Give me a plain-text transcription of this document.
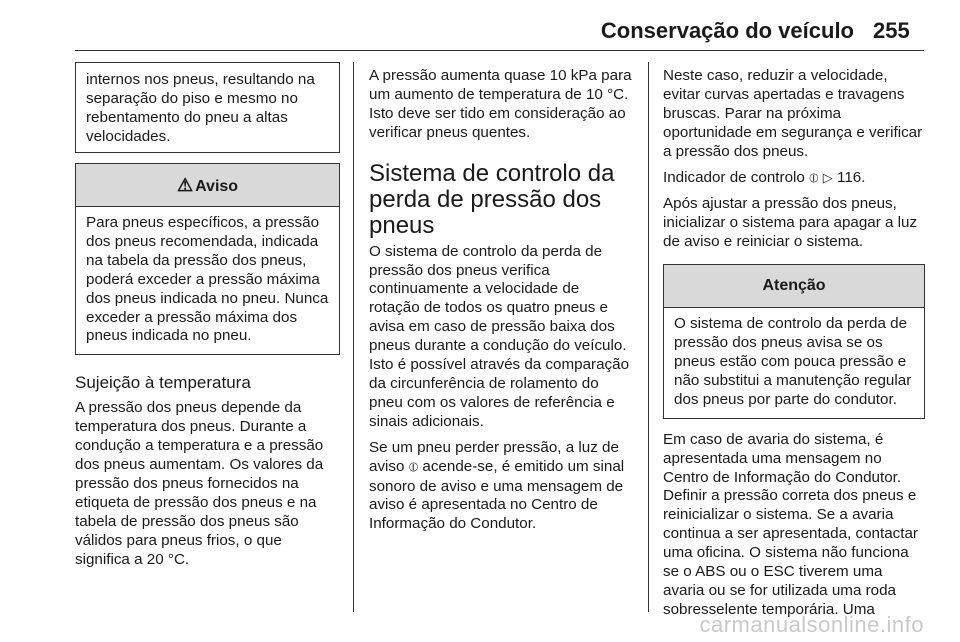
Conservação do veículo 255

internos nos pneus, resultando na separação do piso e mesmo no rebentamento do pneu a altas velocidades.

⚠ Aviso

Para pneus específicos, a pressão dos pneus recomendada, indicada na tabela da pressão dos pneus, poderá exceder a pressão máxima dos pneus indicada no pneu. Nunca exceder a pressão máxima dos pneus indicada no pneu.

Sujeição à temperatura

A pressão dos pneus depende da temperatura dos pneus. Durante a condução a temperatura e a pressão dos pneus aumentam. Os valores da pressão dos pneus fornecidos na etiqueta de pressão dos pneus e na tabela de pressão dos pneus são válidos para pneus frios, o que significa a 20 °C.

A pressão aumenta quase 10 kPa para um aumento de temperatura de 10 °C. Isto deve ser tido em consideração ao verificar pneus quentes.

Sistema de controlo da perda de pressão dos pneus

O sistema de controlo da perda de pressão dos pneus verifica continuamente a velocidade de rotação de todos os quatro pneus e avisa em caso de pressão baixa dos pneus durante a condução do veículo. Isto é possível através da comparação da circunferência de rolamento do pneu com os valores de referência e sinais adicionais.

Se um pneu perder pressão, a luz de aviso ⦶ acende-se, é emitido um sinal sonoro de aviso e uma mensagem de aviso é apresentada no Centro de Informação do Condutor.

Neste caso, reduzir a velocidade, evitar curvas apertadas e travagens bruscas. Parar na próxima oportunidade em segurança e verificar a pressão dos pneus.

Indicador de controlo ⦶ ▷ 116.

Após ajustar a pressão dos pneus, inicializar o sistema para apagar a luz de aviso e reiniciar o sistema.

Atenção

O sistema de controlo da perda de pressão dos pneus avisa se os pneus estão com pouca pressão e não substitui a manutenção regular dos pneus por parte do condutor.

Em caso de avaria do sistema, é apresentada uma mensagem no Centro de Informação do Condutor. Definir a pressão correta dos pneus e reinicializar o sistema. Se a avaria continua a ser apresentada, contactar uma oficina. O sistema não funciona se o ABS ou o ESC tiverem uma avaria ou se for utilizada uma roda sobresselente temporária. Uma

carmanualsonline.info
